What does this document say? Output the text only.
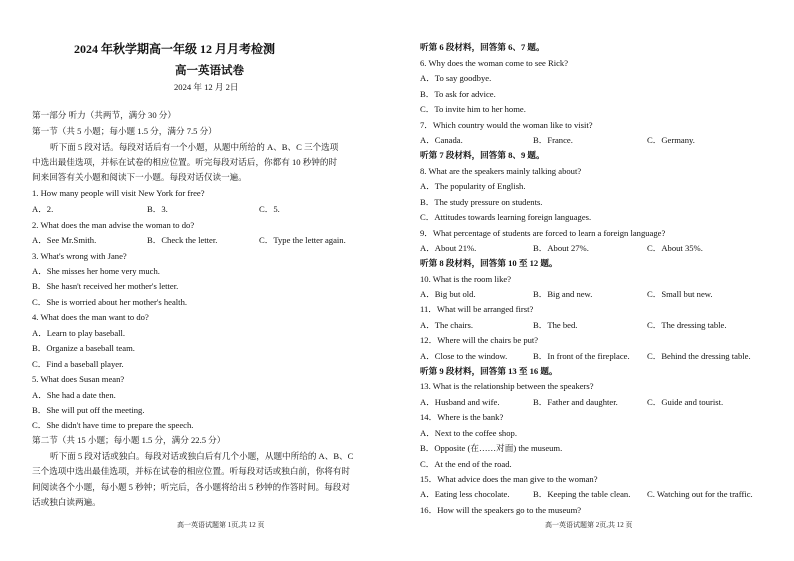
2024 年秋学期高一年级 12 月月考检测
高一英语试卷
2024 年 12 月 2日
第一部分 听力（共两节，满分 30 分）
第一节（共 5 小题；每小题 1.5 分，满分 7.5 分）
听下面 5 段对话。每段对话后有一个小题，从题中所给的 A、B、C 三个选项
中选出最佳选项，并标在试卷的相应位置。听完每段对话后，你都有 10 秒钟的时
间来回答有关小题和阅读下一小题。每段对话仅读一遍。
1. How many people will visit New York for free?
A．2.	B．3.	C．5.
2. What does the man advise the woman to do?
A．See Mr.Smith.	B．Check the letter.	C．Type the letter again.
3. What's wrong with Jane?
A．She misses her home very much.
B．She hasn't received her mother's letter.
C．She is worried about her mother's health.
4. What does the man want to do?
A．Learn to play baseball.
B．Organize a baseball team.
C．Find a baseball player.
5. What does Susan mean?
A．She had a date then.
B．She will put off the meeting.
C．She didn't have time to prepare the speech.
第二节（共 15 小题；每小题 1.5 分，满分 22.5 分）
听下面 5 段对话或独白。每段对话或独白后有几个小题，从题中所给的 A、B、C
三个选项中选出最佳选项，并标在试卷的相应位置。听每段对话或独白前，你将有时
间阅读各个小题，每小题 5 秒钟；听完后，各小题将给出 5 秒钟的作答时间。每段对
话或独白读两遍。
高一英语试题第 1页,共 12 页
听第 6 段材料，回答第 6、7 题。
6. Why does the woman come to see Rick?
A．To say goodbye.
B．To ask for advice.
C．To invite him to her home.
7．Which country would the woman like to visit?
A．Canada.	B．France.	C．Germany.
听第 7 段材料，回答第 8、9 题。
8. What are the speakers mainly talking about?
A．The popularity of English.
B．The study pressure on students.
C．Attitudes towards learning foreign languages.
9．What percentage of students are forced to learn a foreign language?
A．About 21%.	B．About 27%.	C．About 35%.
听第 8 段材料，回答第 10 至 12 题。
10. What is the room like?
A．Big but old.	B．Big and new.	C．Small but new.
11．What will be arranged first?
A．The chairs.	B．The bed.	C．The dressing table.
12．Where will the chairs be put?
A．Close to the window.	B．In front of the fireplace. C．Behind the dressing table.
听第 9 段材料，回答第 13 至 16 题。
13. What is the relationship between the speakers?
A．Husband and wife.	B．Father and daughter.	C．Guide and tourist.
14．Where is the bank?
A．Next to the coffee shop.
B．Opposite (在……对面) the museum.
C．At the end of the road.
15．What advice does the man give to the woman?
A．Eating less chocolate.	B．Keeping the table clean. C. Watching out for the traffic.
16．How will the speakers go to the museum?
高一英语试题第 2页,共 12 页
